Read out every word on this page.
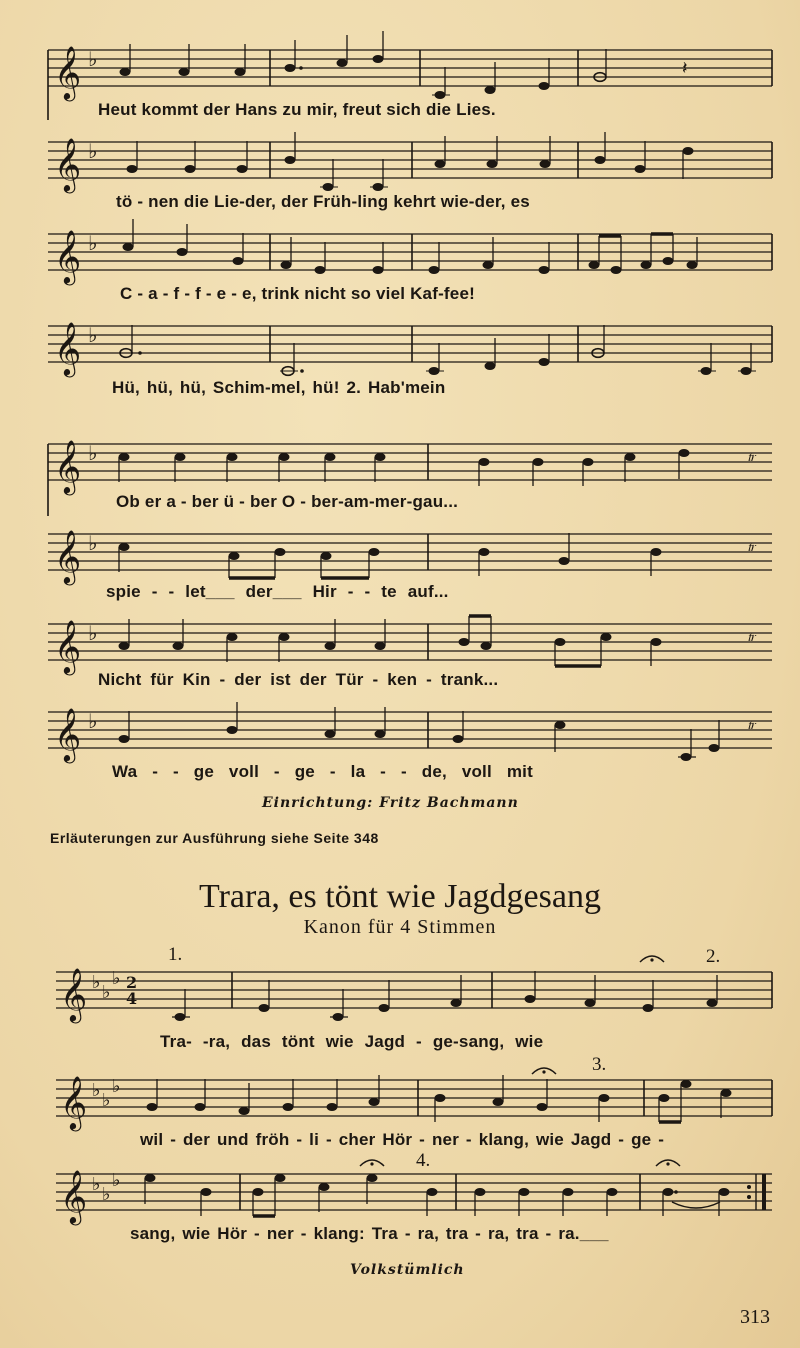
𝄞 ♭	𝄽
Heut kommt der Hans zu mir, freut sich die Lies.
𝄞 ♭
tö - nen die Lie-der, der Früh-ling kehrt wie-der, es
𝄞 ♭
C - a - f - f - e - e, trink nicht so viel Kaf-fee!
𝄞 ♭
Hü, hü, hü, Schim-mel, hü! 2. Hab'mein
𝄞 ♭	𝆖
Ob er a - ber ü - ber O - ber-am-mer-gau...
𝄞 ♭	𝆖
spie - - let___ der___ Hir - - te auf...
𝄞 ♭	𝆖
Nicht für Kin - der ist der Tür - ken - trank...
𝄞 ♭	𝆖
Wa - - ge voll - ge - la - - de, voll mit
Einrichtung: Fritz Bachmann
Erläuterungen zur Ausführung siehe Seite 348
Trara, es tönt wie Jagdgesang
Kanon für 4 Stimmen
1.	2.
3.
4.
𝄞 ♭ ♭
♭ 2
4
Tra- -ra, das tönt wie Jagd - ge-sang, wie
𝄞 ♭ ♭
♭
wil - der und fröh - li - cher Hör - ner - klang, wie Jagd - ge -
𝄞 ♭ ♭
♭
sang, wie Hör - ner - klang: Tra - ra, tra - ra, tra - ra.___
Volkstümlich
313
